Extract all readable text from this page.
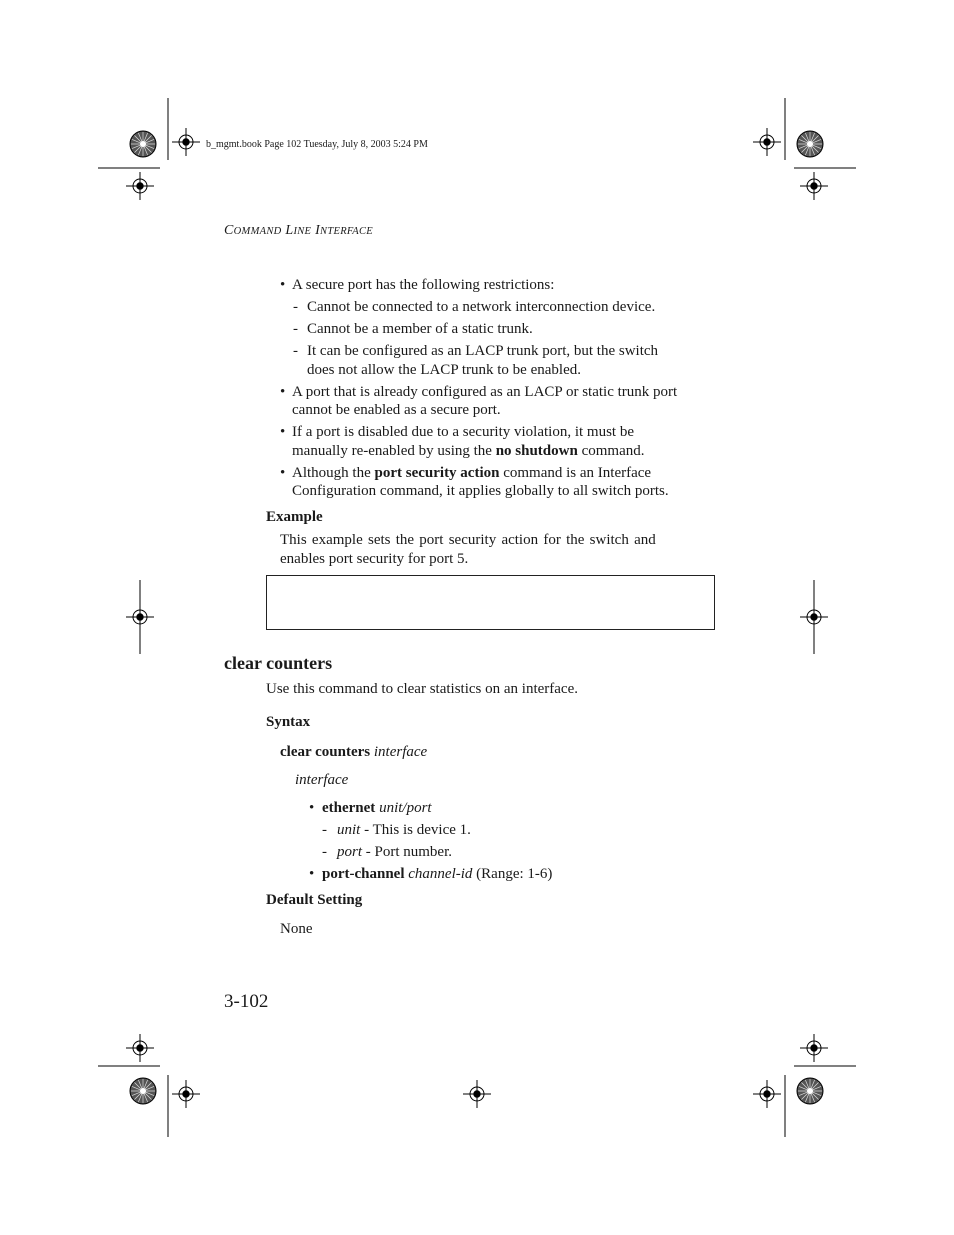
b_mgmt.book Page 102 Tuesday, July 8, 2003 5:24 PM
COMMAND LINE INTERFACE
• A secure port has the following restrictions:
- Cannot be connected to a network interconnection device.
- Cannot be a member of a static trunk.
- It can be configured as an LACP trunk port, but the switch
does not allow the LACP trunk to be enabled.
• A port that is already configured as an LACP or static trunk port
cannot be enabled as a secure port.
• If a port is disabled due to a security violation, it must be
manually re-enabled by using the no shutdown command.
• Although the port security action command is an Interface
Configuration command, it applies globally to all switch ports.
Example
This example sets the port security action for the switch and
enables port security for port 5.
clear counters
Use this command to clear statistics on an interface.
Syntax
clear counters interface
interface
• ethernet unit/port
- unit - This is device 1.
- port - Port number.
• port-channel channel-id (Range: 1-6)
Default Setting
None
3-102
